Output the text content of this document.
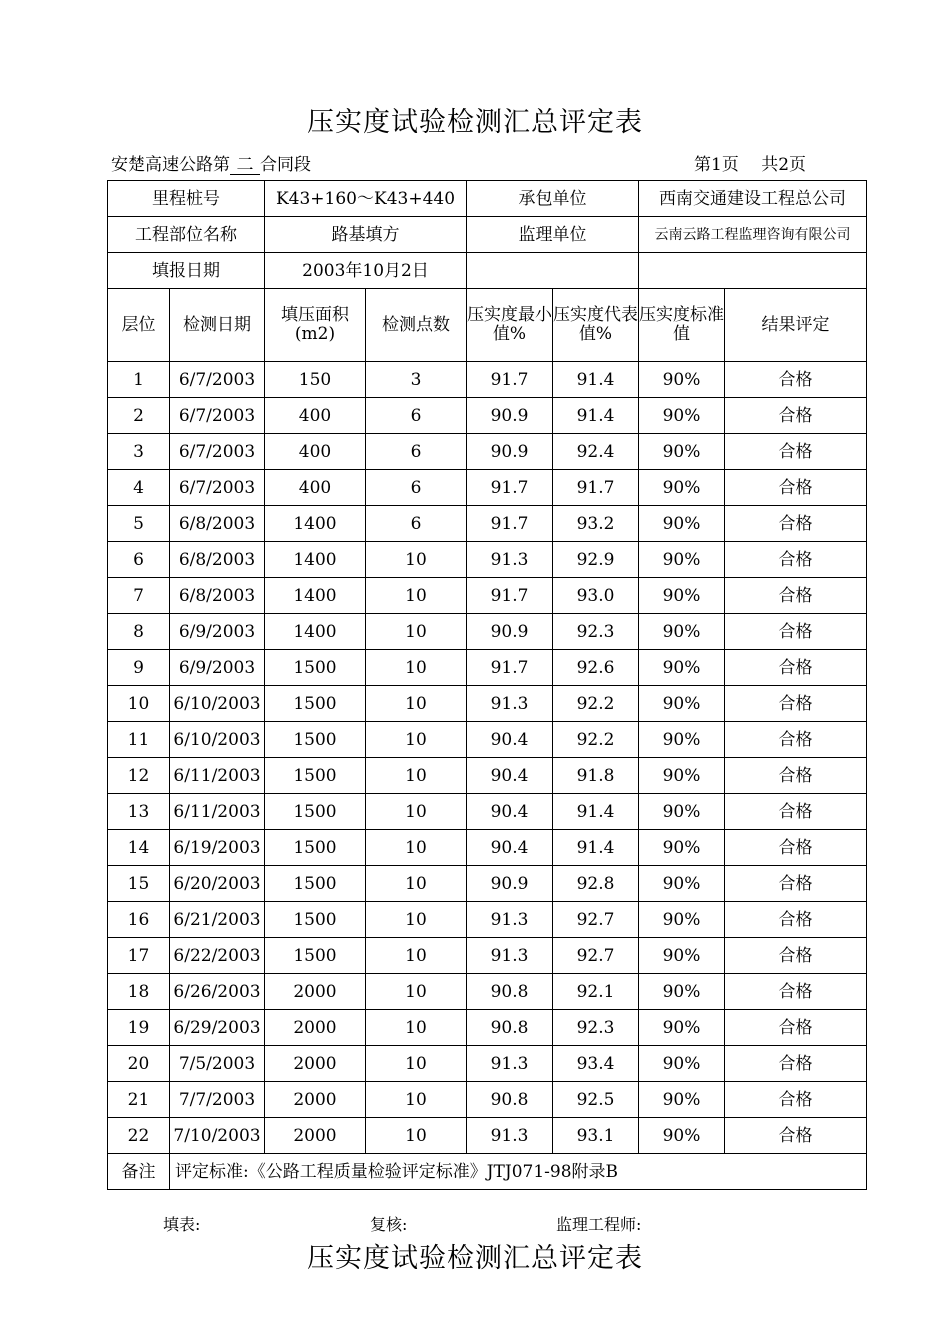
压实度试验检测汇总评定表
安楚高速公路第 二 合同段	第1页　 共2页
里程桩号		K43+160～K43+440		承包单位		西南交通建设工程总公司	
工程部位名称		路基填方		监理单位		云南云路工程监理咨询有限公司	
填报日期		2003年10月2日					
层位	检测日期	填压面积(m2)	检测点数	压实度最小值%	压实度代表值%	压实度标准值	结果评定
1	6/7/2003	150	3	91.7	91.4	90%	合格
2	6/7/2003	400	6	90.9	91.4	90%	合格
3	6/7/2003	400	6	90.9	92.4	90%	合格
4	6/7/2003	400	6	91.7	91.7	90%	合格
5	6/8/2003	1400	6	91.7	93.2	90%	合格
6	6/8/2003	1400	10	91.3	92.9	90%	合格
7	6/8/2003	1400	10	91.7	93.0	90%	合格
8	6/9/2003	1400	10	90.9	92.3	90%	合格
9	6/9/2003	1500	10	91.7	92.6	90%	合格
10	6/10/2003	1500	10	91.3	92.2	90%	合格
11	6/10/2003	1500	10	90.4	92.2	90%	合格
12	6/11/2003	1500	10	90.4	91.8	90%	合格
13	6/11/2003	1500	10	90.4	91.4	90%	合格
14	6/19/2003	1500	10	90.4	91.4	90%	合格
15	6/20/2003	1500	10	90.9	92.8	90%	合格
16	6/21/2003	1500	10	91.3	92.7	90%	合格
17	6/22/2003	1500	10	91.3	92.7	90%	合格
18	6/26/2003	2000	10	90.8	92.1	90%	合格
19	6/29/2003	2000	10	90.8	92.3	90%	合格
20	7/5/2003	2000	10	91.3	93.4	90%	合格
21	7/7/2003	2000	10	90.8	92.5	90%	合格
22	7/10/2003	2000	10	91.3	93.1	90%	合格
备注	评定标准:《公路工程质量检验评定标准》JTJ071-98附录B						
填表:	复核:	监理工程师:
压实度试验检测汇总评定表
